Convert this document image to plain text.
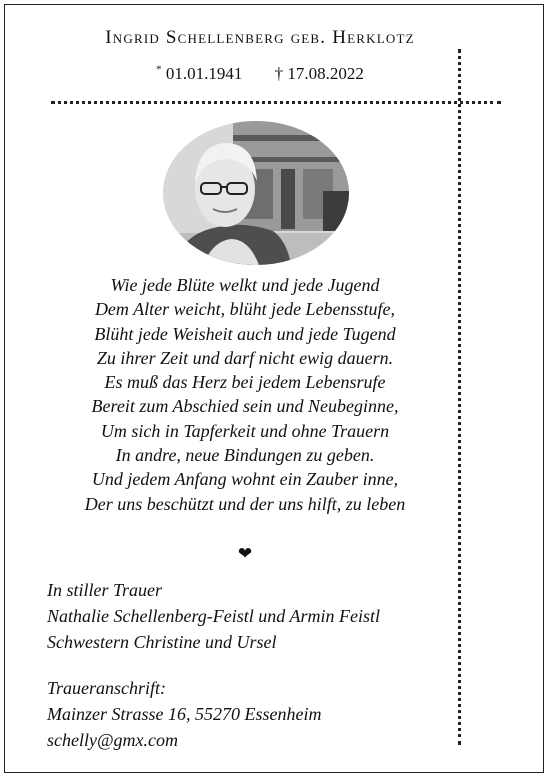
Ingrid Schellenberg geb. Herklotz
* 01.01.1941 † 17.08.2022
Wie jede Blüte welkt und jede Jugend
Dem Alter weicht, blüht jede Lebensstufe,
Blüht jede Weisheit auch und jede Tugend
Zu ihrer Zeit und darf nicht ewig dauern.
Es muß das Herz bei jedem Lebensrufe
Bereit zum Abschied sein und Neubeginne,
Um sich in Tapferkeit und ohne Trauern
In andre, neue Bindungen zu geben.
Und jedem Anfang wohnt ein Zauber inne,
Der uns beschützt und der uns hilft, zu leben
❤
In stiller Trauer
Nathalie Schellenberg-Feistl und Armin Feistl
Schwestern Christine und Ursel
Traueranschrift:
Mainzer Strasse 16, 55270 Essenheim
schelly@gmx.com
